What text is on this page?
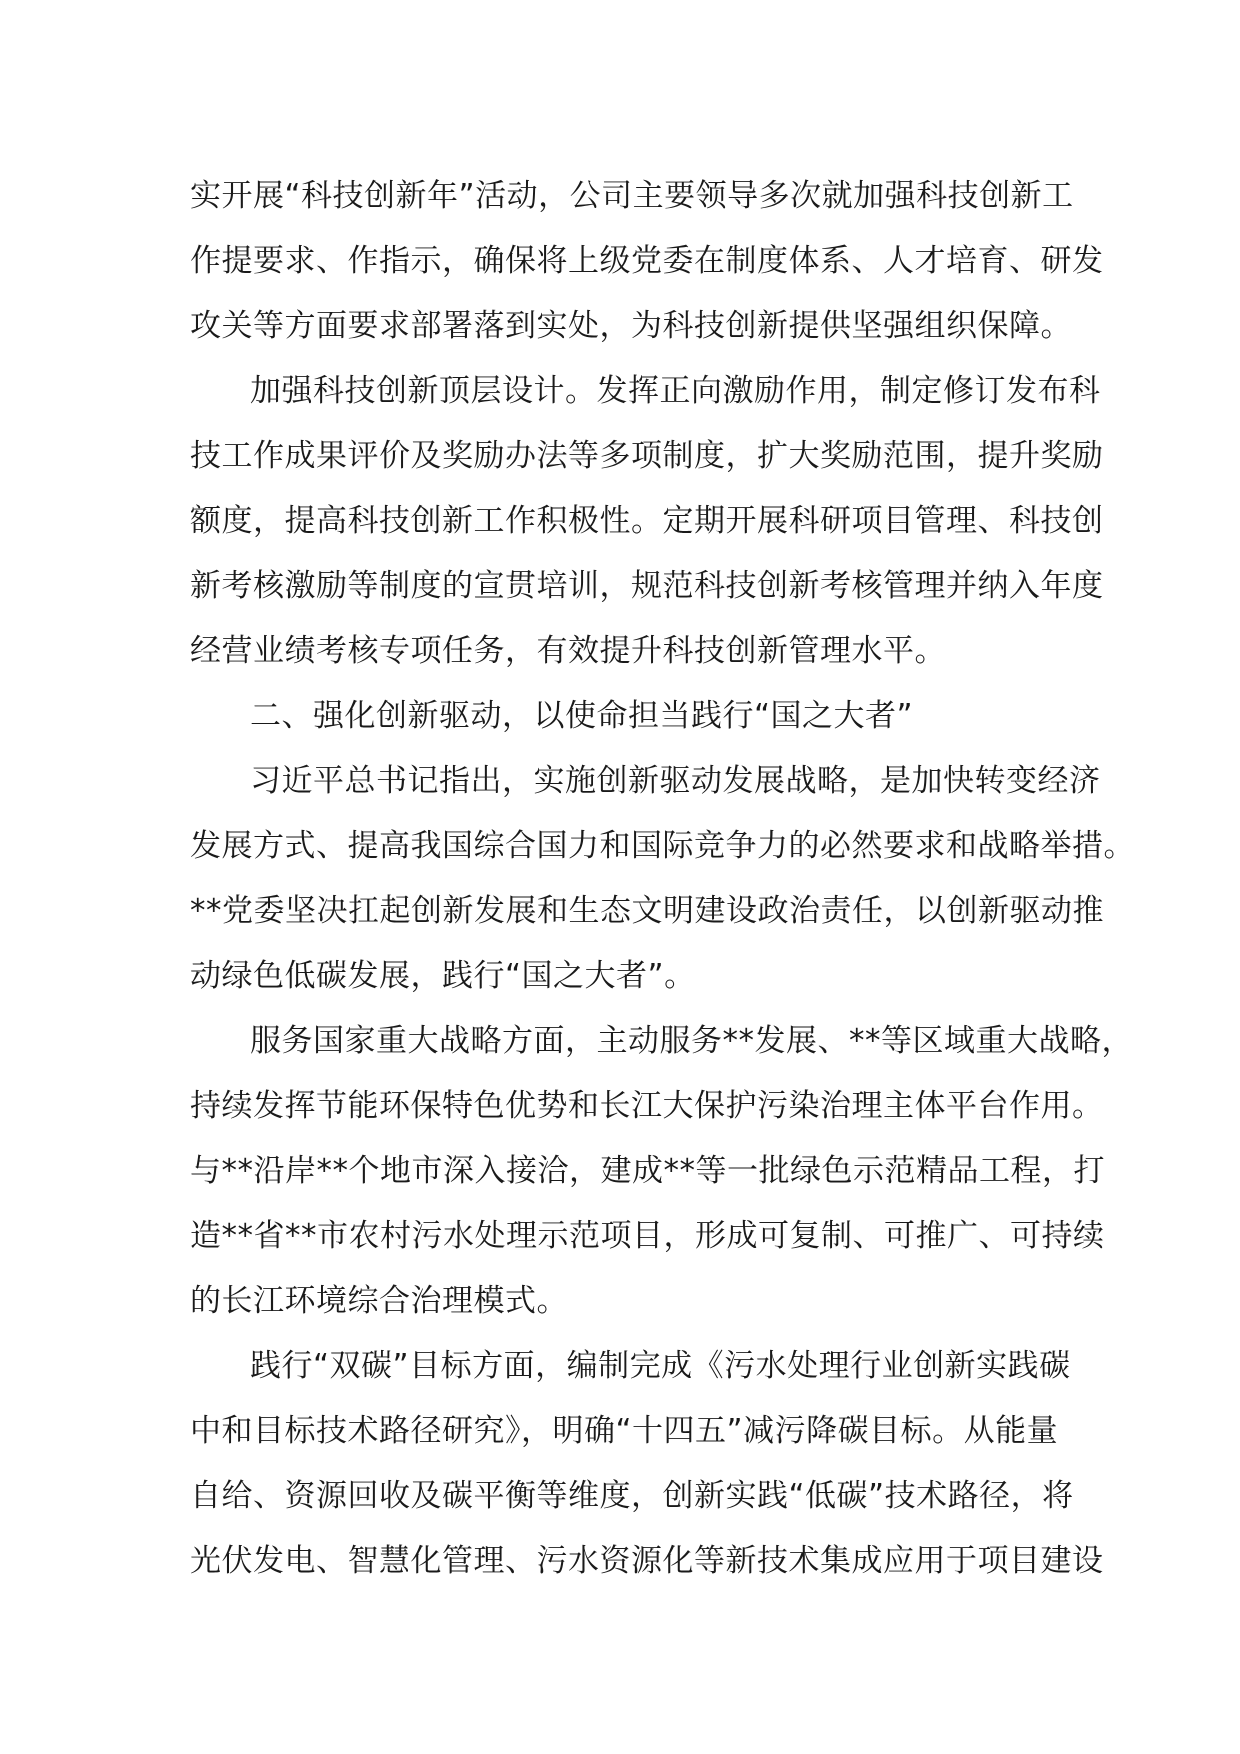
实开展“科技创新年”活动，公司主要领导多次就加强科技创新工
作提要求、作指示，确保将上级党委在制度体系、人才培育、研发
攻关等方面要求部署落到实处，为科技创新提供坚强组织保障。
加强科技创新顶层设计。发挥正向激励作用，制定修订发布科
技工作成果评价及奖励办法等多项制度，扩大奖励范围，提升奖励
额度，提高科技创新工作积极性。定期开展科研项目管理、科技创
新考核激励等制度的宣贯培训，规范科技创新考核管理并纳入年度
经营业绩考核专项任务，有效提升科技创新管理水平。
二、强化创新驱动，以使命担当践行“国之大者”
习近平总书记指出，实施创新驱动发展战略，是加快转变经济
发展方式、提高我国综合国力和国际竞争力的必然要求和战略举措。
**党委坚决扛起创新发展和生态文明建设政治责任，以创新驱动推
动绿色低碳发展，践行“国之大者”。
服务国家重大战略方面，主动服务**发展、**等区域重大战略，
持续发挥节能环保特色优势和长江大保护污染治理主体平台作用。
与**沿岸**个地市深入接洽，建成**等一批绿色示范精品工程，打
造**省**市农村污水处理示范项目，形成可复制、可推广、可持续
的长江环境综合治理模式。
践行“双碳”目标方面，编制完成《污水处理行业创新实践碳
中和目标技术路径研究》，明确“十四五”减污降碳目标。从能量
自给、资源回收及碳平衡等维度，创新实践“低碳”技术路径，将
光伏发电、智慧化管理、污水资源化等新技术集成应用于项目建设
